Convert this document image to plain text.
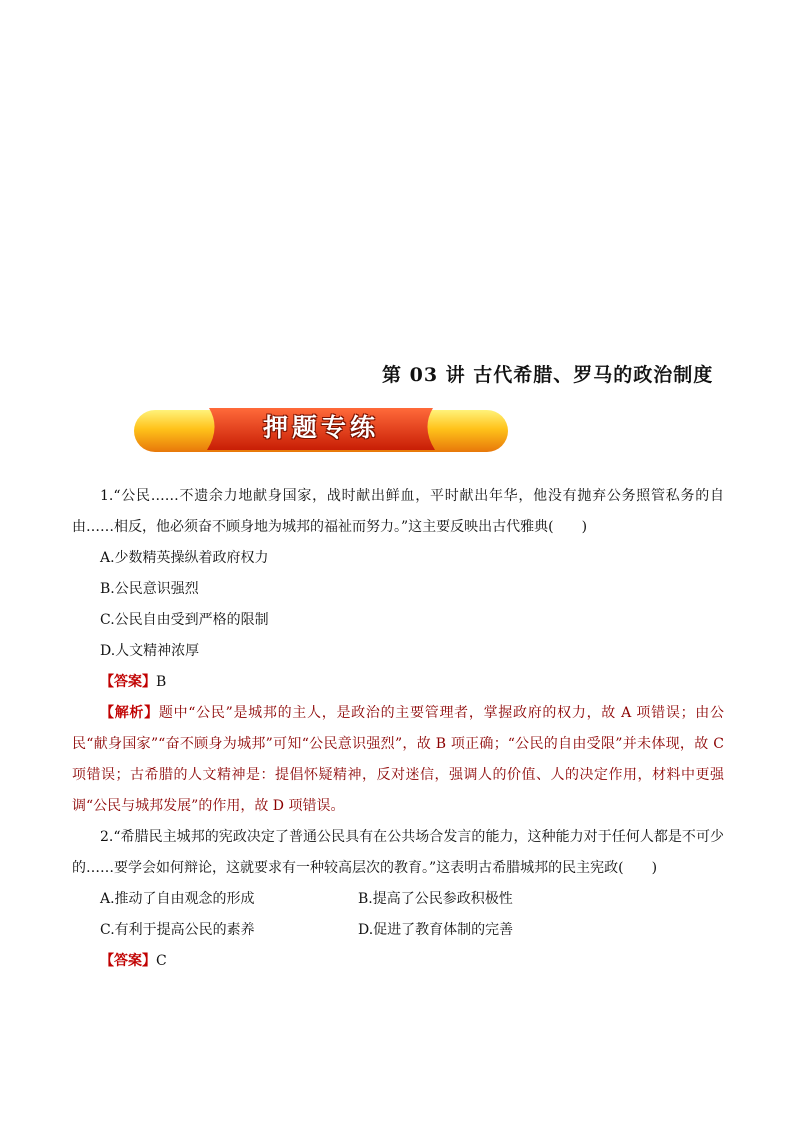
第 03 讲 古代希腊、罗马的政治制度
押题专练

1.“公民……不遗余力地献身国家，战时献出鲜血，平时献出年华，他没有抛弃公务照管私务的自由……相反，他必须奋不顾身地为城邦的福祉而努力。”这主要反映出古代雅典(　　)

A.少数精英操纵着政府权力

B.公民意识强烈

C.公民自由受到严格的限制

D.人文精神浓厚

【答案】B

【解析】题中“公民”是城邦的主人，是政治的主要管理者，掌握政府的权力，故 A 项错误；由公民“献身国家”“奋不顾身为城邦”可知“公民意识强烈”，故 B 项正确；“公民的自由受限”并未体现，故 C 项错误；古希腊的人文精神是：提倡怀疑精神，反对迷信，强调人的价值、人的决定作用，材料中更强调“公民与城邦发展”的作用，故 D 项错误。

2.“希腊民主城邦的宪政决定了普通公民具有在公共场合发言的能力，这种能力对于任何人都是不可少的……要学会如何辩论，这就要求有一种较高层次的教育。”这表明古希腊城邦的民主宪政(　　)

A.推动了自由观念的形成	B.提高了公民参政积极性
C.有利于提高公民的素养	D.促进了教育体制的完善

【答案】C
